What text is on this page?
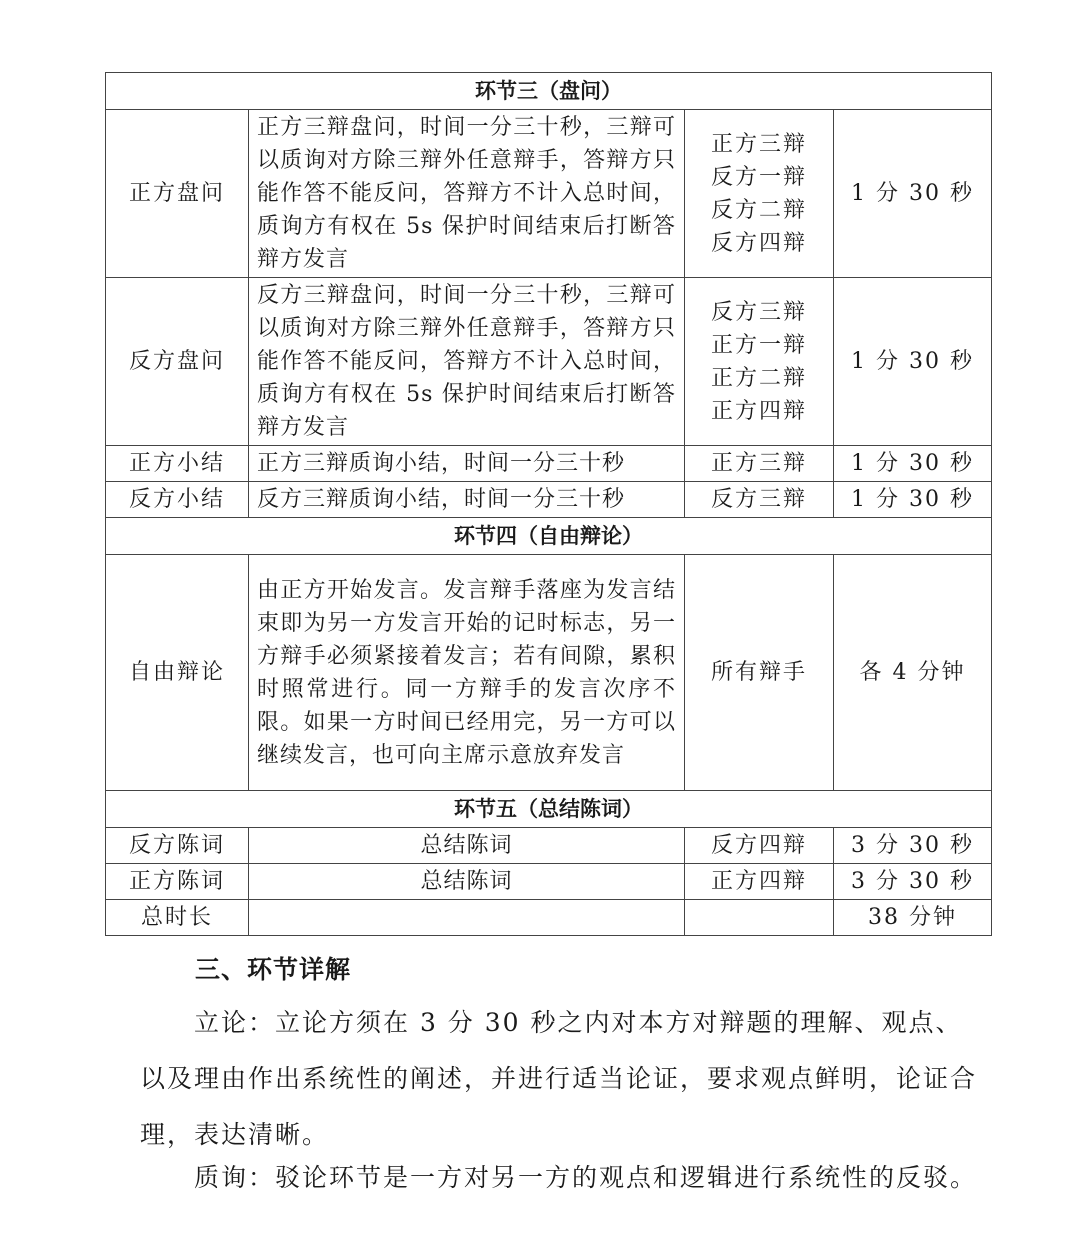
环节三（盘问）			
正方盘问	正方三辩盘问，时间一分三十秒，三辩可以质询对方除三辩外任意辩手，答辩方只能作答不能反问，答辩方不计入总时间，质询方有权在 5s 保护时间结束后打断答辩方发言	正方三辩
反方一辩
反方二辩
反方四辩	1 分 30 秒
反方盘问	反方三辩盘问，时间一分三十秒，三辩可以质询对方除三辩外任意辩手，答辩方只能作答不能反问，答辩方不计入总时间，质询方有权在 5s 保护时间结束后打断答辩方发言	反方三辩
正方一辩
正方二辩
正方四辩	1 分 30 秒
正方小结	正方三辩质询小结，时间一分三十秒	正方三辩	1 分 30 秒
反方小结	反方三辩质询小结，时间一分三十秒	反方三辩	1 分 30 秒
环节四（自由辩论）			
自由辩论	由正方开始发言。发言辩手落座为发言结束即为另一方发言开始的记时标志，另一方辩手必须紧接着发言；若有间隙，累积时照常进行。同一方辩手的发言次序不限。如果一方时间已经用完，另一方可以继续发言，也可向主席示意放弃发言	所有辩手	各 4 分钟
环节五（总结陈词）			
反方陈词	总结陈词	反方四辩	3 分 30 秒
正方陈词	总结陈词	正方四辩	3 分 30 秒
总时长			38 分钟
三、环节详解
立论：立论方须在 3 分 30 秒之内对本方对辩题的理解、观点、以及理由作出系统性的阐述，并进行适当论证，要求观点鲜明，论证合理，表达清晰。
质询：驳论环节是一方对另一方的观点和逻辑进行系统性的反驳。
